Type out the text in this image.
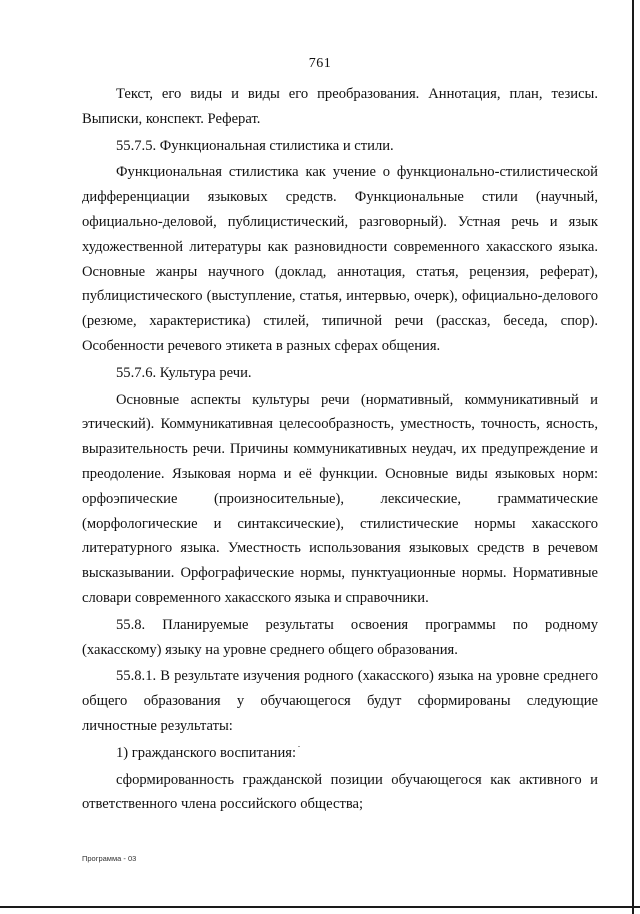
761

Текст, его виды и виды его преобразования. Аннотация, план, тезисы. Выписки, конспект. Реферат.

55.7.5. Функциональная стилистика и стили.

Функциональная стилистика как учение о функционально-стилистической дифференциации языковых средств. Функциональные стили (научный, официально-деловой, публицистический, разговорный). Устная речь и язык художественной литературы как разновидности современного хакасского языка. Основные жанры научного (доклад, аннотация, статья, рецензия, реферат), публицистического (выступление, статья, интервью, очерк), официально-делового (резюме, характеристика) стилей, типичной речи (рассказ, беседа, спор). Особенности речевого этикета в разных сферах общения.

55.7.6. Культура речи.

Основные аспекты культуры речи (нормативный, коммуникативный и этический). Коммуникативная целесообразность, уместность, точность, ясность, выразительность речи. Причины коммуникативных неудач, их предупреждение и преодоление. Языковая норма и её функции. Основные виды языковых норм: орфоэпические (произносительные), лексические, грамматические (морфологические и синтаксические), стилистические нормы хакасского литературного языка. Уместность использования языковых средств в речевом высказывании. Орфографические нормы, пунктуационные нормы. Нормативные словари современного хакасского языка и справочники.

55.8. Планируемые результаты освоения программы по родному (хакасскому) языку на уровне среднего общего образования.

55.8.1. В результате изучения родного (хакасского) языка на уровне среднего общего образования у обучающегося будут сформированы следующие личностные результаты:

1) гражданского воспитания:

сформированность гражданской позиции обучающегося как активного и ответственного члена российского общества;

Программа - 03
